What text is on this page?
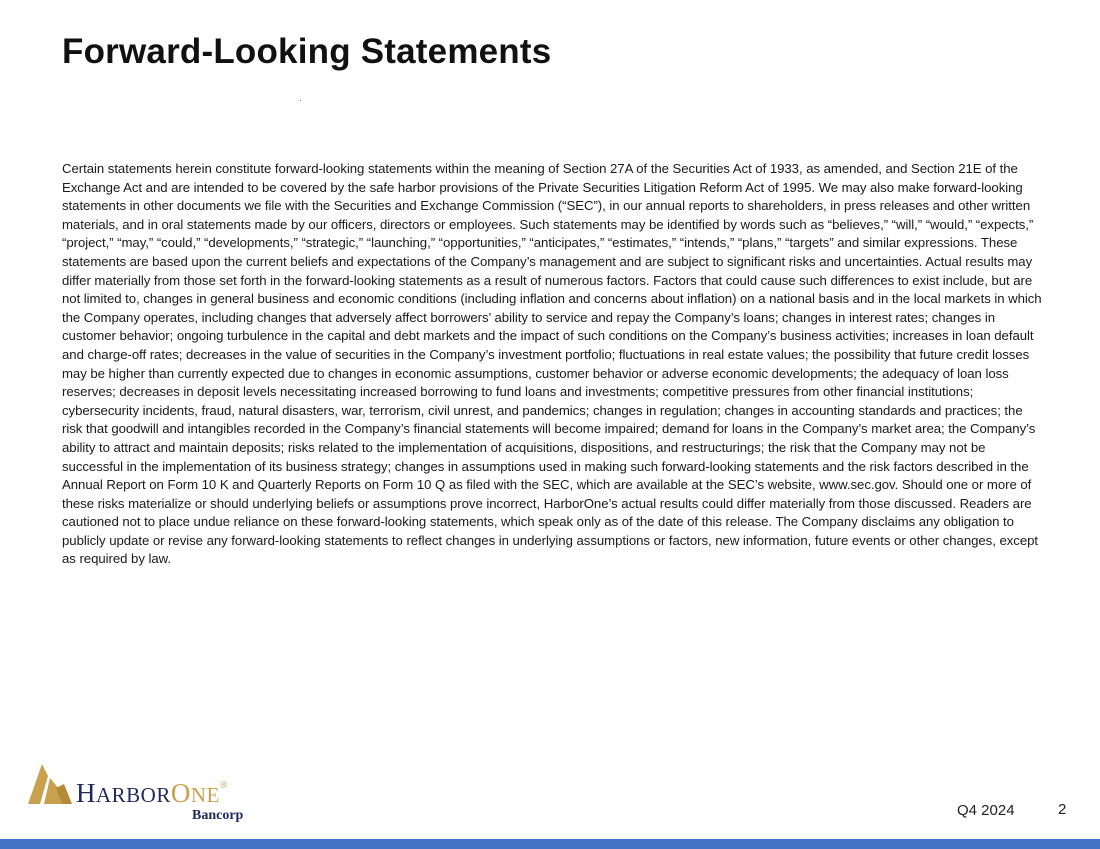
Forward-Looking Statements

Certain statements herein constitute forward-looking statements within the meaning of Section 27A of the Securities Act of 1933, as amended, and Section 21E of the Exchange Act and are intended to be covered by the safe harbor provisions of the Private Securities Litigation Reform Act of 1995. We may also make forward-looking statements in other documents we file with the Securities and Exchange Commission (“SEC”), in our annual reports to shareholders, in press releases and other written materials, and in oral statements made by our officers, directors or employees. Such statements may be identified by words such as “believes,” “will,” “would,” “expects,” “project,” “may,” “could,” “developments,” “strategic,” “launching,” “opportunities,” “anticipates,” “estimates,” “intends,” “plans,” “targets” and similar expressions. These statements are based upon the current beliefs and expectations of the Company’s management and are subject to significant risks and uncertainties. Actual results may differ materially from those set forth in the forward-looking statements as a result of numerous factors. Factors that could cause such differences to exist include, but are not limited to, changes in general business and economic conditions (including inflation and concerns about inflation) on a national basis and in the local markets in which the Company operates, including changes that adversely affect borrowers’ ability to service and repay the Company’s loans; changes in interest rates; changes in customer behavior; ongoing turbulence in the capital and debt markets and the impact of such conditions on the Company’s business activities; increases in loan default and charge-off rates; decreases in the value of securities in the Company’s investment portfolio; fluctuations in real estate values; the possibility that future credit losses may be higher than currently expected due to changes in economic assumptions, customer behavior or adverse economic developments; the adequacy of loan loss reserves; decreases in deposit levels necessitating increased borrowing to fund loans and investments; competitive pressures from other financial institutions; cybersecurity incidents, fraud, natural disasters, war, terrorism, civil unrest, and pandemics; changes in regulation; changes in accounting standards and practices; the risk that goodwill and intangibles recorded in the Company’s financial statements will become impaired; demand for loans in the Company’s market area; the Company’s ability to attract and maintain deposits; risks related to the implementation of acquisitions, dispositions, and restructurings; the risk that the Company may not be successful in the implementation of its business strategy; changes in assumptions used in making such forward-looking statements and the risk factors described in the Annual Report on Form 10 K and Quarterly Reports on Form 10 Q as filed with the SEC, which are available at the SEC’s website, www.sec.gov. Should one or more of these risks materialize or should underlying beliefs or assumptions prove incorrect, HarborOne’s actual results could differ materially from those discussed. Readers are cautioned not to place undue reliance on these forward-looking statements, which speak only as of the date of this release. The Company disclaims any obligation to publicly update or revise any forward-looking statements to reflect changes in underlying assumptions or factors, new information, future events or other changes, except as required by law.

HARBORONE®
Bancorp	Q4 2024	2
